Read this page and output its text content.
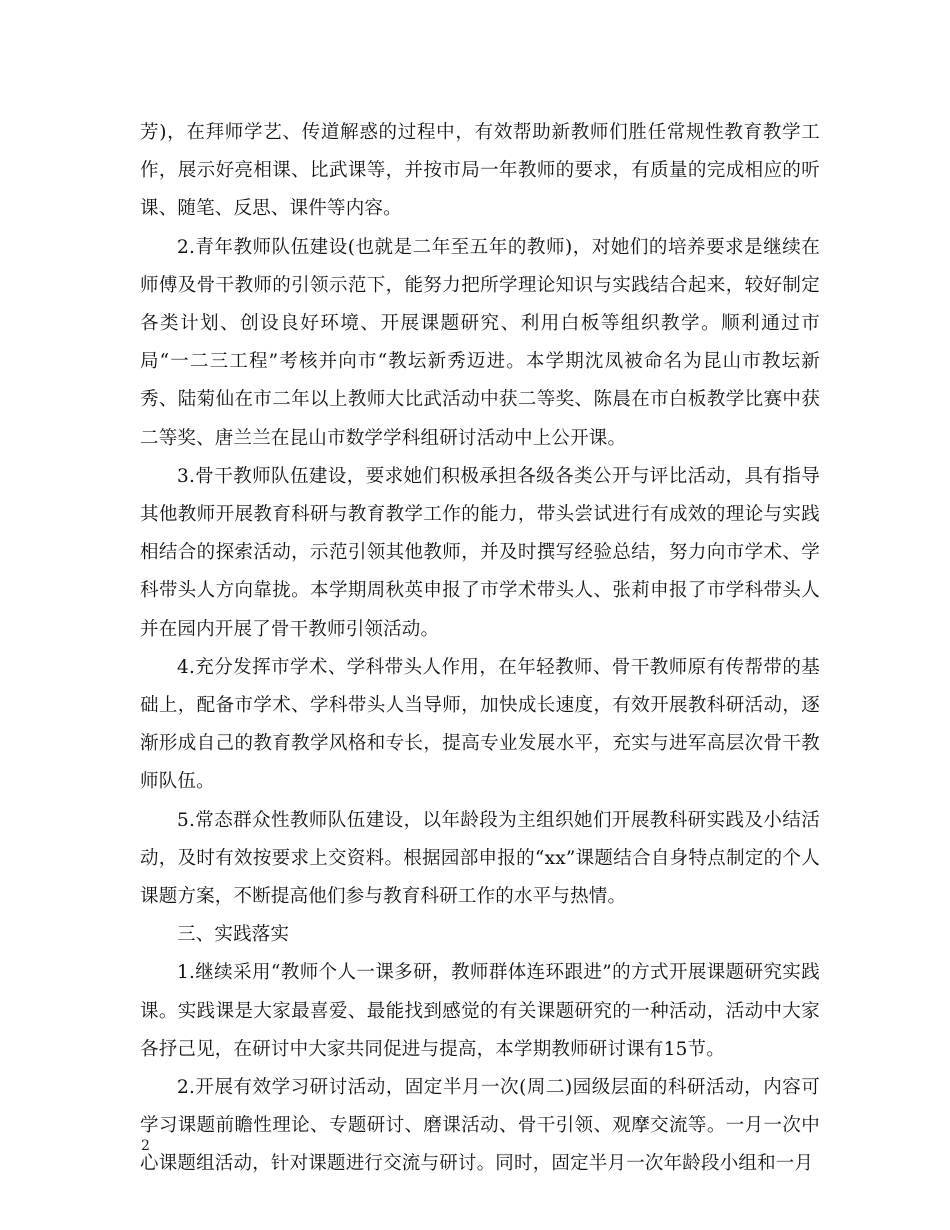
芳)，在拜师学艺、传道解惑的过程中，有效帮助新教师们胜任常规性教育教学工作，展示好亮相课、比武课等，并按市局一年教师的要求，有质量的完成相应的听课、随笔、反思、课件等内容。

2.青年教师队伍建设(也就是二年至五年的教师)，对她们的培养要求是继续在师傅及骨干教师的引领示范下，能努力把所学理论知识与实践结合起来，较好制定各类计划、创设良好环境、开展课题研究、利用白板等组织教学。顺利通过市局“一二三工程”考核并向市“教坛新秀迈进。本学期沈凤被命名为昆山市教坛新秀、陆菊仙在市二年以上教师大比武活动中获二等奖、陈晨在市白板教学比赛中获二等奖、唐兰兰在昆山市数学学科组研讨活动中上公开课。

3.骨干教师队伍建设，要求她们积极承担各级各类公开与评比活动，具有指导其他教师开展教育科研与教育教学工作的能力，带头尝试进行有成效的理论与实践相结合的探索活动，示范引领其他教师，并及时撰写经验总结，努力向市学术、学科带头人方向靠拢。本学期周秋英申报了市学术带头人、张莉申报了市学科带头人并在园内开展了骨干教师引领活动。

4.充分发挥市学术、学科带头人作用，在年轻教师、骨干教师原有传帮带的基础上，配备市学术、学科带头人当导师，加快成长速度，有效开展教科研活动，逐渐形成自己的教育教学风格和专长，提高专业发展水平，充实与进军高层次骨干教师队伍。

5.常态群众性教师队伍建设，以年龄段为主组织她们开展教科研实践及小结活动，及时有效按要求上交资料。根据园部申报的“xx”课题结合自身特点制定的个人课题方案，不断提高他们参与教育科研工作的水平与热情。

三、实践落实

1.继续采用“教师个人一课多研，教师群体连环跟进”的方式开展课题研究实践课。实践课是大家最喜爱、最能找到感觉的有关课题研究的一种活动，活动中大家各抒己见，在研讨中大家共同促进与提高，本学期教师研讨课有15节。

2.开展有效学习研讨活动，固定半月一次(周二)园级层面的科研活动，内容可学习课题前瞻性理论、专题研讨、磨课活动、骨干引领、观摩交流等。一月一次中心课题组活动，针对课题进行交流与研讨。同时，固定半月一次年龄段小组和一月

2
